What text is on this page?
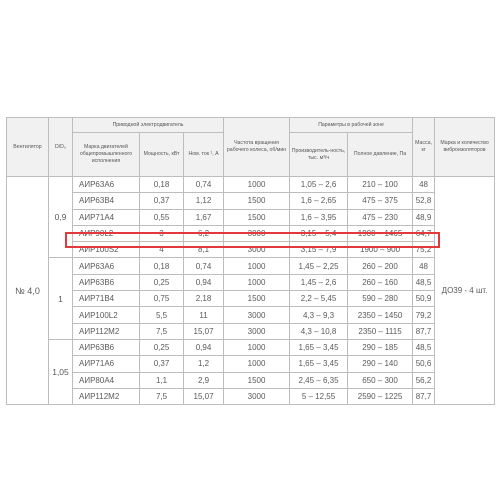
Вентилятор	D/D₀	Приводной электродвигатель			Частота вращения рабочего колеса, об/мин	Параметры в рабочей зоне		Масса, кг	Марка и количество виброизоляторов
		Марка двигателей общепромышленного исполнения	Мощность, кВт	Ном. ток ¹, А		Производитель-ность, тыс. м³/ч	Полное давление, Па		
№ 4,0	0,9	АИР63А6	0,18	0,74	1000	1,05 – 2,6	210 – 100	48	ДО39 - 4 шт.
		АИР63В4	0,37	1,12	1500	1,6 – 2,65	475 – 375	52,8	
		АИР71А4	0,55	1,67	1500	1,6 – 3,95	475 – 230	48,9	
		АИР90L2	3	6,2	3000	3,15 – 5,4	1900 – 1465	64,7	
		АИР100S2	4	8,1	3000	3,15 – 7,9	1900 – 900	75,2	
	1	АИР63А6	0,18	0,74	1000	1,45 – 2,25	260 – 200	48	
		АИР63В6	0,25	0,94	1000	1,45 – 2,6	260 – 160	48,5	
		АИР71В4	0,75	2,18	1500	2,2 – 5,45	590 – 280	50,9	
		АИР100L2	5,5	11	3000	4,3 – 9,3	2350 – 1450	79,2	
		АИР112М2	7,5	15,07	3000	4,3 – 10,8	2350 – 1115	87,7	
	1,05	АИР63В6	0,25	0,94	1000	1,65 – 3,45	290 – 185	48,5	
		АИР71А6	0,37	1,2	1000	1,65 – 3,45	290 – 140	50,6	
		АИР80А4	1,1	2,9	1500	2,45 – 6,35	650 – 300	56,2	
		АИР112М2	7,5	15,07	3000	5 – 12,55	2590 – 1225	87,7	
